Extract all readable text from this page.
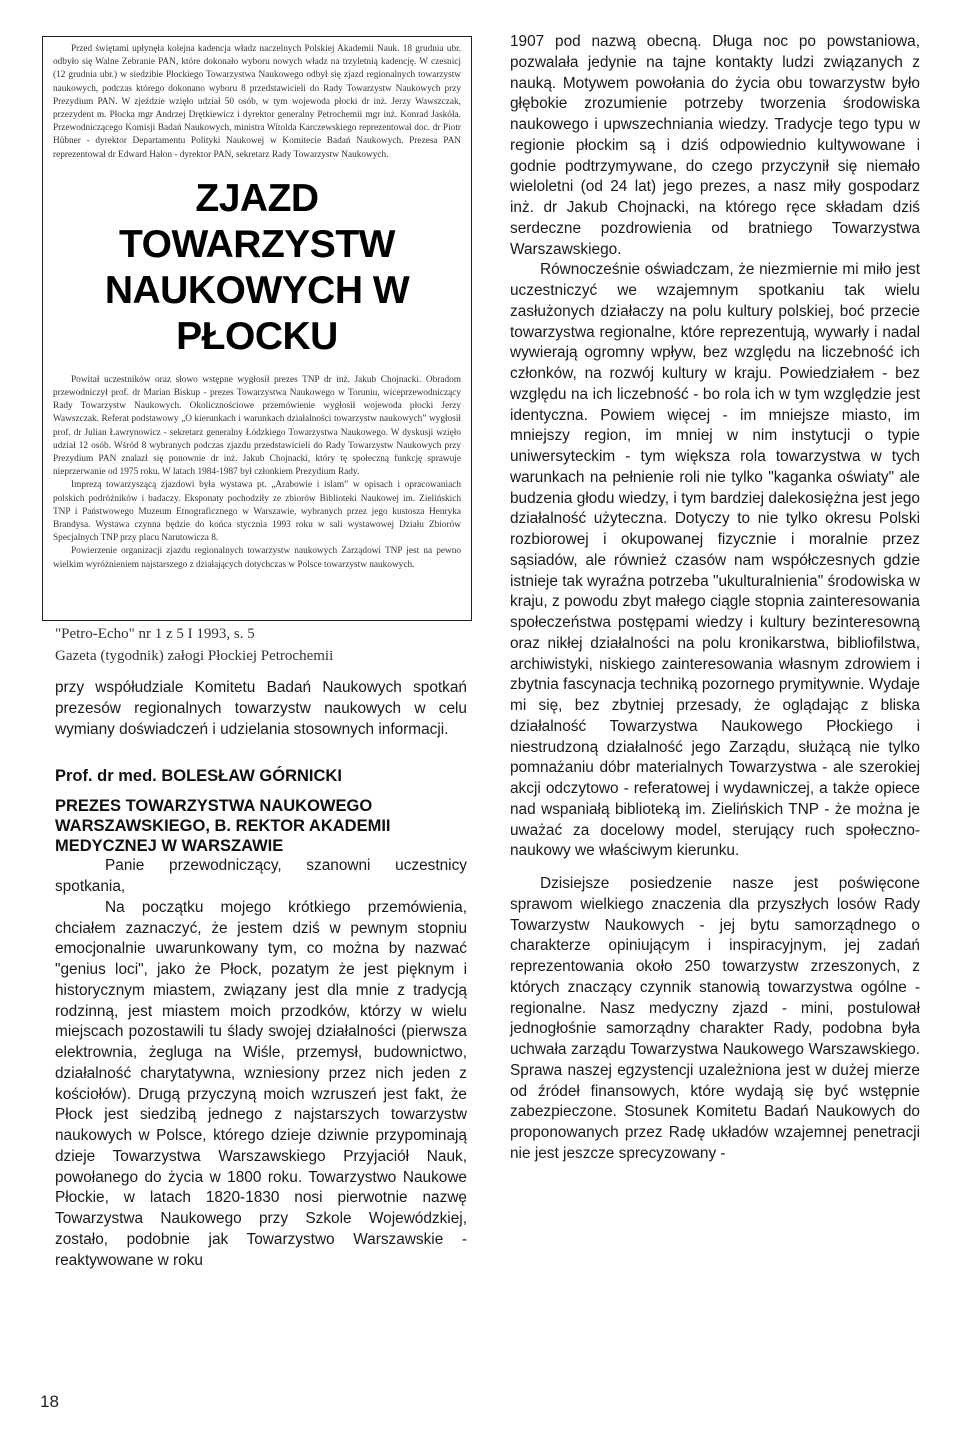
Przed świętami upłynęła kolejna kadencja władz naczelnych Polskiej Akademii Nauk. 18 grudnia ubr. odbyło się Walne Zebranie PAN, które dokonało wyboru nowych władz na trzyletnią kadencję. W czesnicj (12 grudnia ubr.) w siedzibie Płockiego Towarzystwa Naukowego odbył się zjazd regionalnych towarzystw naukowych, podczas którego dokonano wyboru 8 przedstawicieli do Rady Towarzystw Naukowych przy Prezydium PAN. W zjeździe wzięło udział 50 osób, w tym wojewoda płocki dr inż. Jerzy Wawszczak, przezydent m. Płocka mgr Andrzej Drętkiewicz i dyrektor generalny Petrochemii mgr inż. Konrad Jaskóła. Przewodniczącego Komisji Badań Naukowych, ministra Witolda Karczewskiego reprezentował doc. dr Piotr Hübner - dyrektor Departamentu Polityki Naukowej w Komitecie Badań Naukowych. Prezesa PAN reprezentował dr Edward Hałon - dyrektor PAN, sekretarz Rady Towarzystw Naukowych.

ZJAZD TOWARZYSTW
NAUKOWYCH W PŁOCKU

Powitał uczestników oraz słowo wstępne wygłosił prezes TNP dr inż. Jakub Chojnacki. Obradom przewodniczył prof. dr Marian Biskup - prezes Towarzystwa Naukowego w Toruniu, wiceprzewodniczący Rady Towarzystw Naukowych. Okolicznościowe przemówienie wygłosił wojewoda płocki Jerzy Wawszczak. Referat podstawowy „O kierunkach i warunkach działalności towarzystw naukowych” wygłosił prof. dr Julian Ławrynowicz - sekretarz generalny Łódzkiego Towarzystwa Naukowego. W dyskusji wzięło udział 12 osób. Wśród 8 wybranych podczas zjazdu przedstawicieli do Rady Towarzystw Naukowych przy Prezydium PAN znalazł się ponownie dr inż. Jakub Chojnacki, który tę społeczną funkcję sprawuje nieprzerwanie od 1975 roku. W latach 1984-1987 był członkiem Prezydium Rady.

Imprezą towarzyszącą zjazdowi była wystawa pt. „Arabowie i islam” w opisach i opracowaniach polskich podróżników i badaczy. Eksponaty pochodziły ze zbiorów Biblioteki Naukowej im. Zielińskich TNP i Państwowego Muzeum Etnograficznego w Warszawie, wybranych przez jego kustosza Henryka Brandysa. Wystawa czynna będzie do końca stycznia 1993 roku w sali wystawowej Działu Zbiorów Specjalnych TNP przy placu Narutowicza 8.

Powierzenie organizacji zjazdu regionalnych towarzystw naukowych Zarządowi TNP jest na pewno wielkim wyróżnieniem najstarszego z działających dotychczas w Polsce towarzystw naukowych.

"Petro-Echo" nr 1 z 5 I 1993, s. 5
Gazeta (tygodnik) załogi Płockiej Petrochemii

przy współudziale Komitetu Badań Naukowych spotkań prezesów regionalnych towarzystw naukowych w celu wymiany doświadczeń i udzielania stosownych informacji.

Prof. dr med. BOLESŁAW GÓRNICKI
PREZES TOWARZYSTWA NAUKOWEGO
WARSZAWSKIEGO, B. REKTOR AKADEMII
MEDYCZNEJ W WARSZAWIE

Panie przewodniczący, szanowni uczestnicy spotkania,

Na początku mojego krótkiego przemówienia, chciałem zaznaczyć, że jestem dziś w pewnym stopniu emocjonalnie uwarunkowany tym, co można by nazwać "genius loci", jako że Płock, pozatym że jest pięknym i historycznym miastem, związany jest dla mnie z tradycją rodzinną, jest miastem moich przodków, którzy w wielu miejscach pozostawili tu ślady swojej działalności (pierwsza elektrownia, żegluga na Wiśle, przemysł, budownictwo, działalność charytatywna, wzniesiony przez nich jeden z kościołów). Drugą przyczyną moich wzruszeń jest fakt, że Płock jest siedzibą jednego z najstarszych towarzystw naukowych w Polsce, którego dzieje dziwnie przypominają dzieje Towarzystwa Warszawskiego Przyjaciół Nauk, powołanego do życia w 1800 roku. Towarzystwo Naukowe Płockie, w latach 1820-1830 nosi pierwotnie nazwę Towarzystwa Naukowego przy Szkole Wojewódzkiej, zostało, podobnie jak Towarzystwo Warszawskie - reaktywowane w roku

1907 pod nazwą obecną. Długa noc po powstaniowa, pozwalała jedynie na tajne kontakty ludzi związanych z nauką. Motywem powołania do życia obu towarzystw było głębokie zrozumienie potrzeby tworzenia środowiska naukowego i upwszechniania wiedzy. Tradycje tego typu w regionie płockim są i dziś odpowiednio kultywowane i godnie podtrzymywane, do czego przyczynił się niemało wieloletni (od 24 lat) jego prezes, a nasz miły gospodarz inż. dr Jakub Chojnacki, na którego ręce składam dziś serdeczne pozdrowienia od bratniego Towarzystwa Warszawskiego.

Równocześnie oświadczam, że niezmiernie mi miło jest uczestniczyć we wzajemnym spotkaniu tak wielu zasłużonych działaczy na polu kultury polskiej, boć przecie towarzystwa regionalne, które reprezentują, wywarły i nadal wywierają ogromny wpływ, bez względu na liczebność ich członków, na rozwój kultury w kraju. Powiedziałem - bez względu na ich liczebność - bo rola ich w tym względzie jest identyczna. Powiem więcej - im mniejsze miasto, im mniejszy region, im mniej w nim instytucji o typie uniwersyteckim - tym większa rola towarzystwa w tych warunkach na pełnienie roli nie tylko "kaganka oświaty" ale budzenia głodu wiedzy, i tym bardziej dalekosiężna jest jego działalność użyteczna. Dotyczy to nie tylko okresu Polski rozbiorowej i okupowanej fizycznie i moralnie przez sąsiadów, ale również czasów nam współczesnych gdzie istnieje tak wyraźna potrzeba "ukulturalnienia" środowiska w kraju, z powodu zbyt małego ciągle stopnia zainteresowania społeczeństwa postępami wiedzy i kultury bezinteresowną oraz nikłej działalności na polu kronikarstwa, bibliofilstwa, archiwistyki, niskiego zainteresowania własnym zdrowiem i zbytnia fascynacja techniką pozornego prymitywnie. Wydaje mi się, bez zbytniej przesady, że oglądając z bliska działalność Towarzystwa Naukowego Płockiego i niestrudzoną działalność jego Zarządu, służącą nie tylko pomnażaniu dóbr materialnych Towarzystwa - ale szerokiej akcji odczytowo - referatowej i wydawniczej, a także opiece nad wspaniałą biblioteką im. Zielińskich TNP - że można je uważać za docelowy model, sterujący ruch społeczno-naukowy we właściwym kierunku.

Dzisiejsze posiedzenie nasze jest poświęcone sprawom wielkiego znaczenia dla przyszłych losów Rady Towarzystw Naukowych - jej bytu samorządnego o charakterze opiniującym i inspiracyjnym, jej zadań reprezentowania około 250 towarzystw zrzeszonych, z których znaczący czynnik stanowią towarzystwa ogólne - regionalne. Nasz medyczny zjazd - mini, postulował jednogłośnie samorządny charakter Rady, podobna była uchwała zarządu Towarzystwa Naukowego Warszawskiego. Sprawa naszej egzystencji uzależniona jest w dużej mierze od źródeł finansowych, które wydają się być wstępnie zabezpieczone. Stosunek Komitetu Badań Naukowych do proponowanych przez Radę układów wzajemnej penetracji nie jest jeszcze sprecyzowany -

18
